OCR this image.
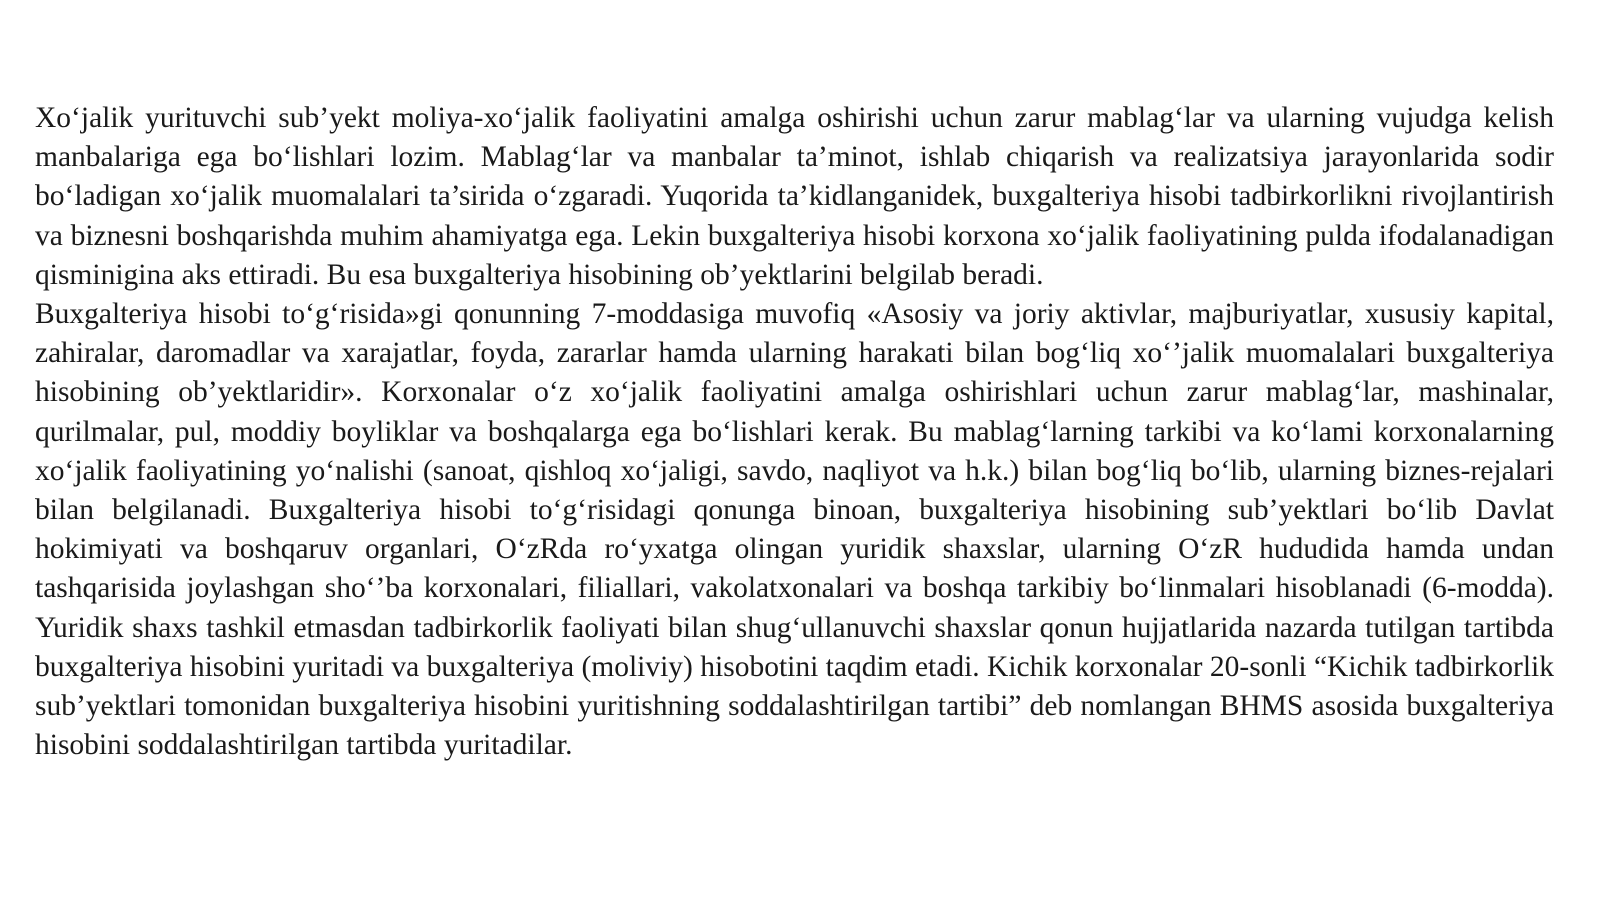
Xo‘jalik yurituvchi sub’yekt moliya-xo‘jalik faoliyatini amalga oshirishi uchun zarur mablag‘lar va ularning vujudga kelish manbalariga ega bo‘lishlari lozim. Mablag‘lar va manbalar ta’minot, ishlab chiqarish va realizatsiya jarayonlarida sodir bo‘ladigan xo‘jalik muomalalari ta’sirida o‘zgaradi. Yuqorida ta’kidlanganidek, buxgalteriya hisobi tadbirkorlikni rivojlantirish va biznesni boshqarishda muhim ahamiyatga ega. Lekin buxgalteriya hisobi korxona xo‘jalik faoliyatining pulda ifodalanadigan qisminigina aks ettiradi. Bu esa buxgalteriya hisobining ob’yektlarini belgilab beradi.

Buxgalteriya hisobi to‘g‘risida»gi qonunning 7-moddasiga muvofiq «Asosiy va joriy aktivlar, majburiyatlar, xususiy kapital, zahiralar, daromadlar va xarajatlar, foyda, zararlar hamda ularning harakati bilan bog‘liq xo‘’jalik muomalalari buxgalteriya hisobining ob’yektlaridir». Korxonalar o‘z xo‘jalik faoliyatini amalga oshirishlari uchun zarur mablag‘lar, mashinalar, qurilmalar, pul, moddiy boyliklar va boshqalarga ega bo‘lishlari kerak. Bu mablag‘larning tarkibi va ko‘lami korxonalarning xo‘jalik faoliyatining yo‘nalishi (sanoat, qishloq xo‘jaligi, savdo, naqliyot va h.k.) bilan bog‘liq bo‘lib, ularning biznes-rejalari bilan belgilanadi. Buxgalteriya hisobi to‘g‘risidagi qonunga binoan, buxgalteriya hisobining sub’yektlari bo‘lib Davlat hokimiyati va boshqaruv organlari, O‘zRda ro‘yxatga olingan yuridik shaxslar, ularning O‘zR hududida hamda undan tashqarisida joylashgan sho‘’ba korxonalari, filiallari, vakolatxonalari va boshqa tarkibiy bo‘linmalari hisoblanadi (6-modda). Yuridik shaxs tashkil etmasdan tadbirkorlik faoliyati bilan shug‘ullanuvchi shaxslar qonun hujjatlarida nazarda tutilgan tartibda buxgalteriya hisobini yuritadi va buxgalteriya (moliviy) hisobotini taqdim etadi. Kichik korxonalar 20-sonli “Kichik tadbirkorlik sub’yektlari tomonidan buxgalteriya hisobini yuritishning soddalashtirilgan tartibi” deb nomlangan BHMS asosida buxgalteriya hisobini soddalashtirilgan tartibda yuritadilar.
